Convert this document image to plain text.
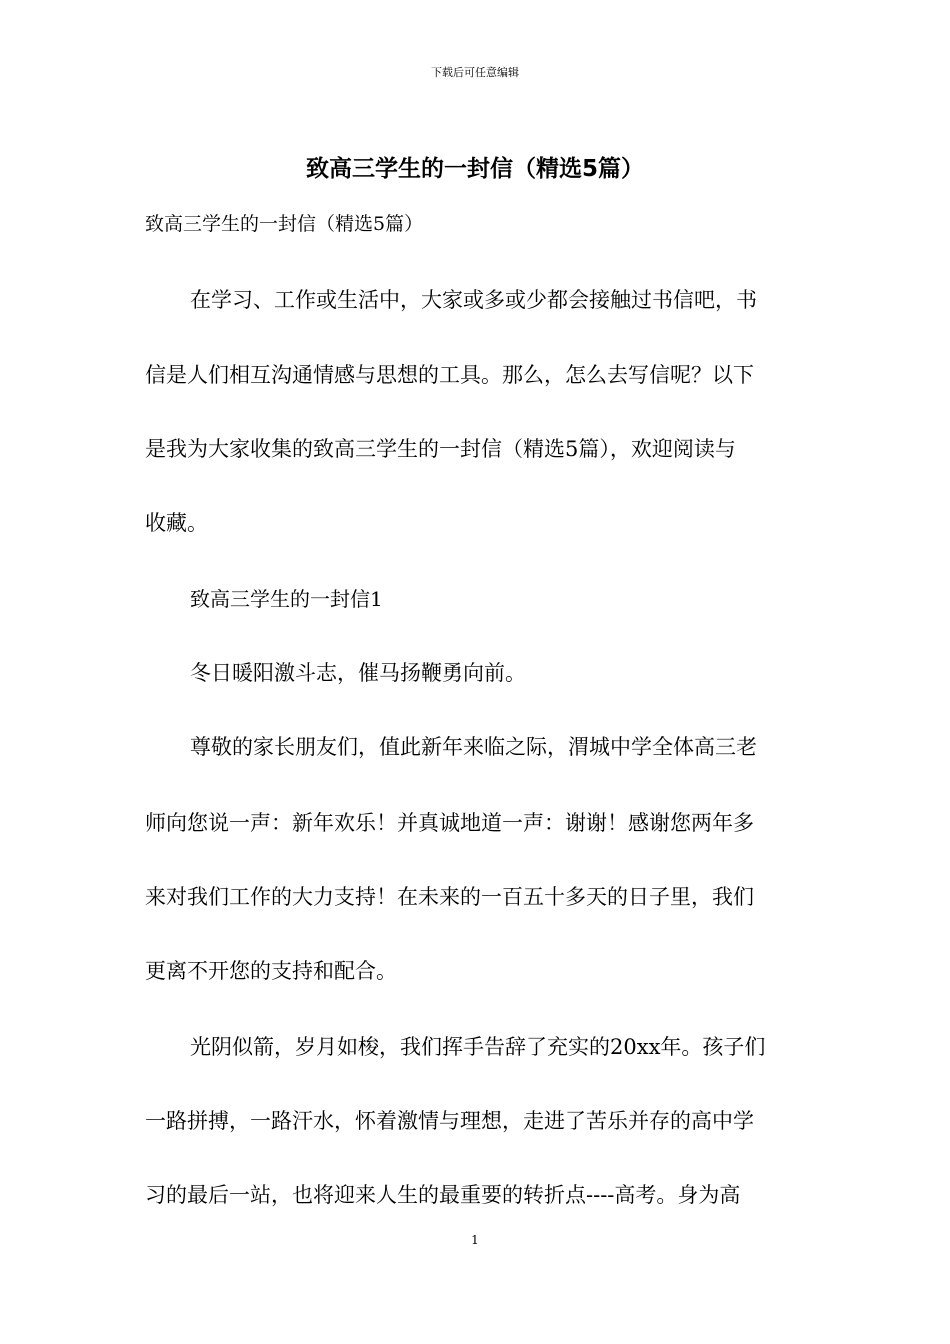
下载后可任意编辑
致高三学生的一封信（精选5篇）
致高三学生的一封信（精选5篇）
在学习、工作或生活中，大家或多或少都会接触过书信吧，书
信是人们相互沟通情感与思想的工具。那么，怎么去写信呢？以下
是我为大家收集的致高三学生的一封信（精选5篇），欢迎阅读与
收藏。
致高三学生的一封信1
冬日暖阳激斗志，催马扬鞭勇向前。
尊敬的家长朋友们，值此新年来临之际，渭城中学全体高三老
师向您说一声：新年欢乐！并真诚地道一声：谢谢！感谢您两年多
来对我们工作的大力支持！在未来的一百五十多天的日子里，我们
更离不开您的支持和配合。
光阴似箭，岁月如梭，我们挥手告辞了充实的20xx年。孩子们
一路拼搏，一路汗水，怀着激情与理想，走进了苦乐并存的高中学
习的最后一站，也将迎来人生的最重要的转折点----高考。身为高
1
